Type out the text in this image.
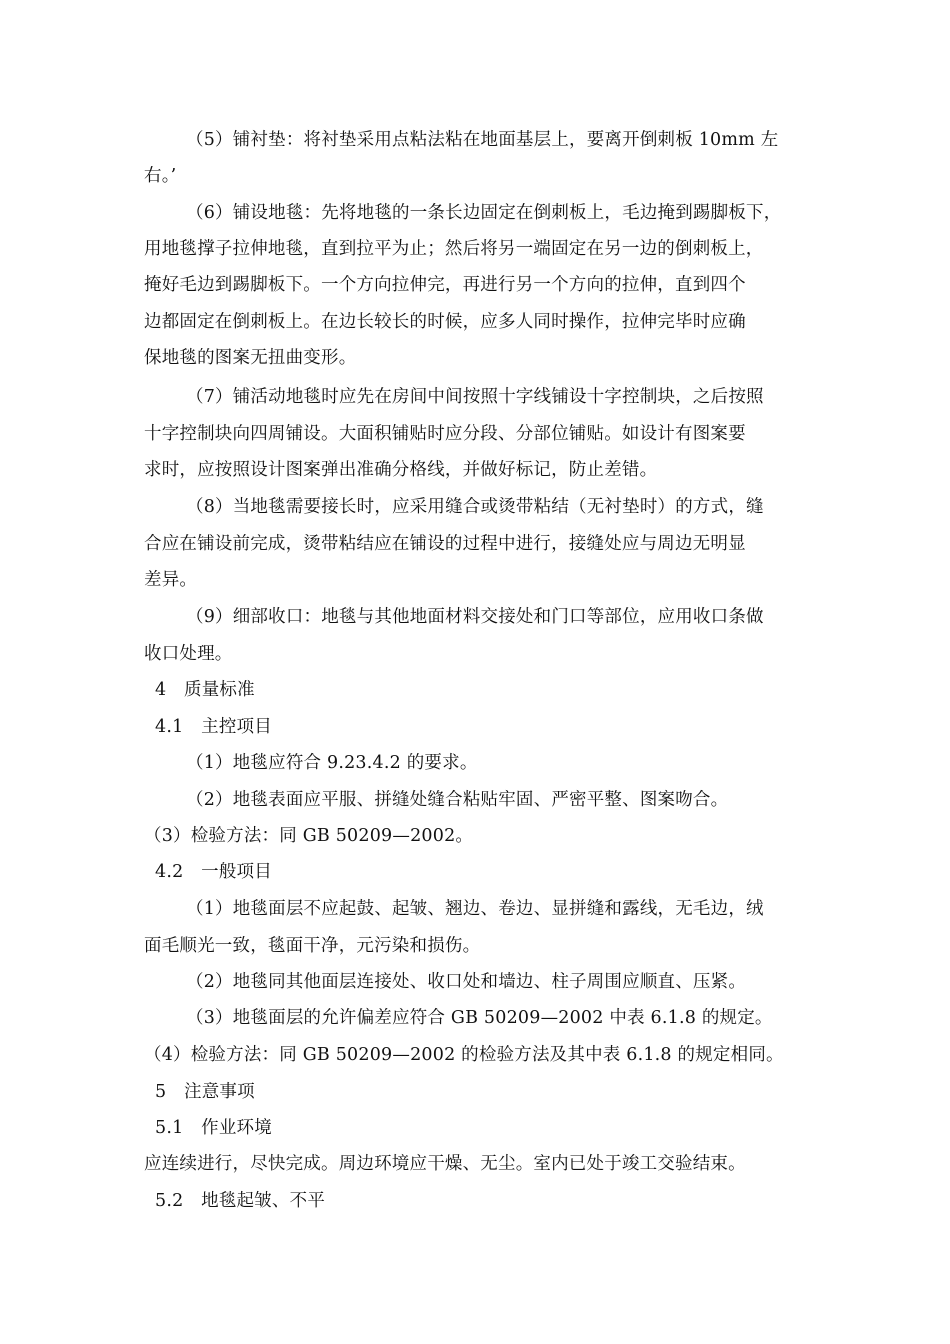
（5）铺衬垫：将衬垫采用点粘法粘在地面基层上，要离开倒刺板 10mm 左
右。’
（6）铺设地毯：先将地毯的一条长边固定在倒刺板上，毛边掩到踢脚板下，
用地毯撑子拉伸地毯，直到拉平为止；然后将另一端固定在另一边的倒刺板上，
掩好毛边到踢脚板下。一个方向拉伸完，再进行另一个方向的拉伸，直到四个
边都固定在倒刺板上。在边长较长的时候，应多人同时操作，拉伸完毕时应确
保地毯的图案无扭曲变形。
（7）铺活动地毯时应先在房间中间按照十字线铺设十字控制块，之后按照
十字控制块向四周铺设。大面积铺贴时应分段、分部位铺贴。如设计有图案要
求时，应按照设计图案弹出准确分格线，并做好标记，防止差错。
（8）当地毯需要接长时，应采用缝合或烫带粘结（无衬垫时）的方式，缝
合应在铺设前完成，烫带粘结应在铺设的过程中进行，接缝处应与周边无明显
差异。
（9）细部收口：地毯与其他地面材料交接处和门口等部位，应用收口条做
收口处理。
4　质量标准
4.1　主控项目
（1）地毯应符合 9.23.4.2 的要求。
（2）地毯表面应平服、拼缝处缝合粘贴牢固、严密平整、图案吻合。
（3）检验方法：同 GB 50209—2002。
4.2　一般项目
（1）地毯面层不应起鼓、起皱、翘边、卷边、显拼缝和露线，无毛边，绒
面毛顺光一致，毯面干净，元污染和损伤。
（2）地毯同其他面层连接处、收口处和墙边、柱子周围应顺直、压紧。
（3）地毯面层的允许偏差应符合 GB 50209—2002 中表 6.1.8 的规定。
（4）检验方法：同 GB 50209—2002 的检验方法及其中表 6.1.8 的规定相同。
5　注意事项
5.1　作业环境
应连续进行，尽快完成。周边环境应干燥、无尘。室内已处于竣工交验结束。
5.2　地毯起皱、不平
